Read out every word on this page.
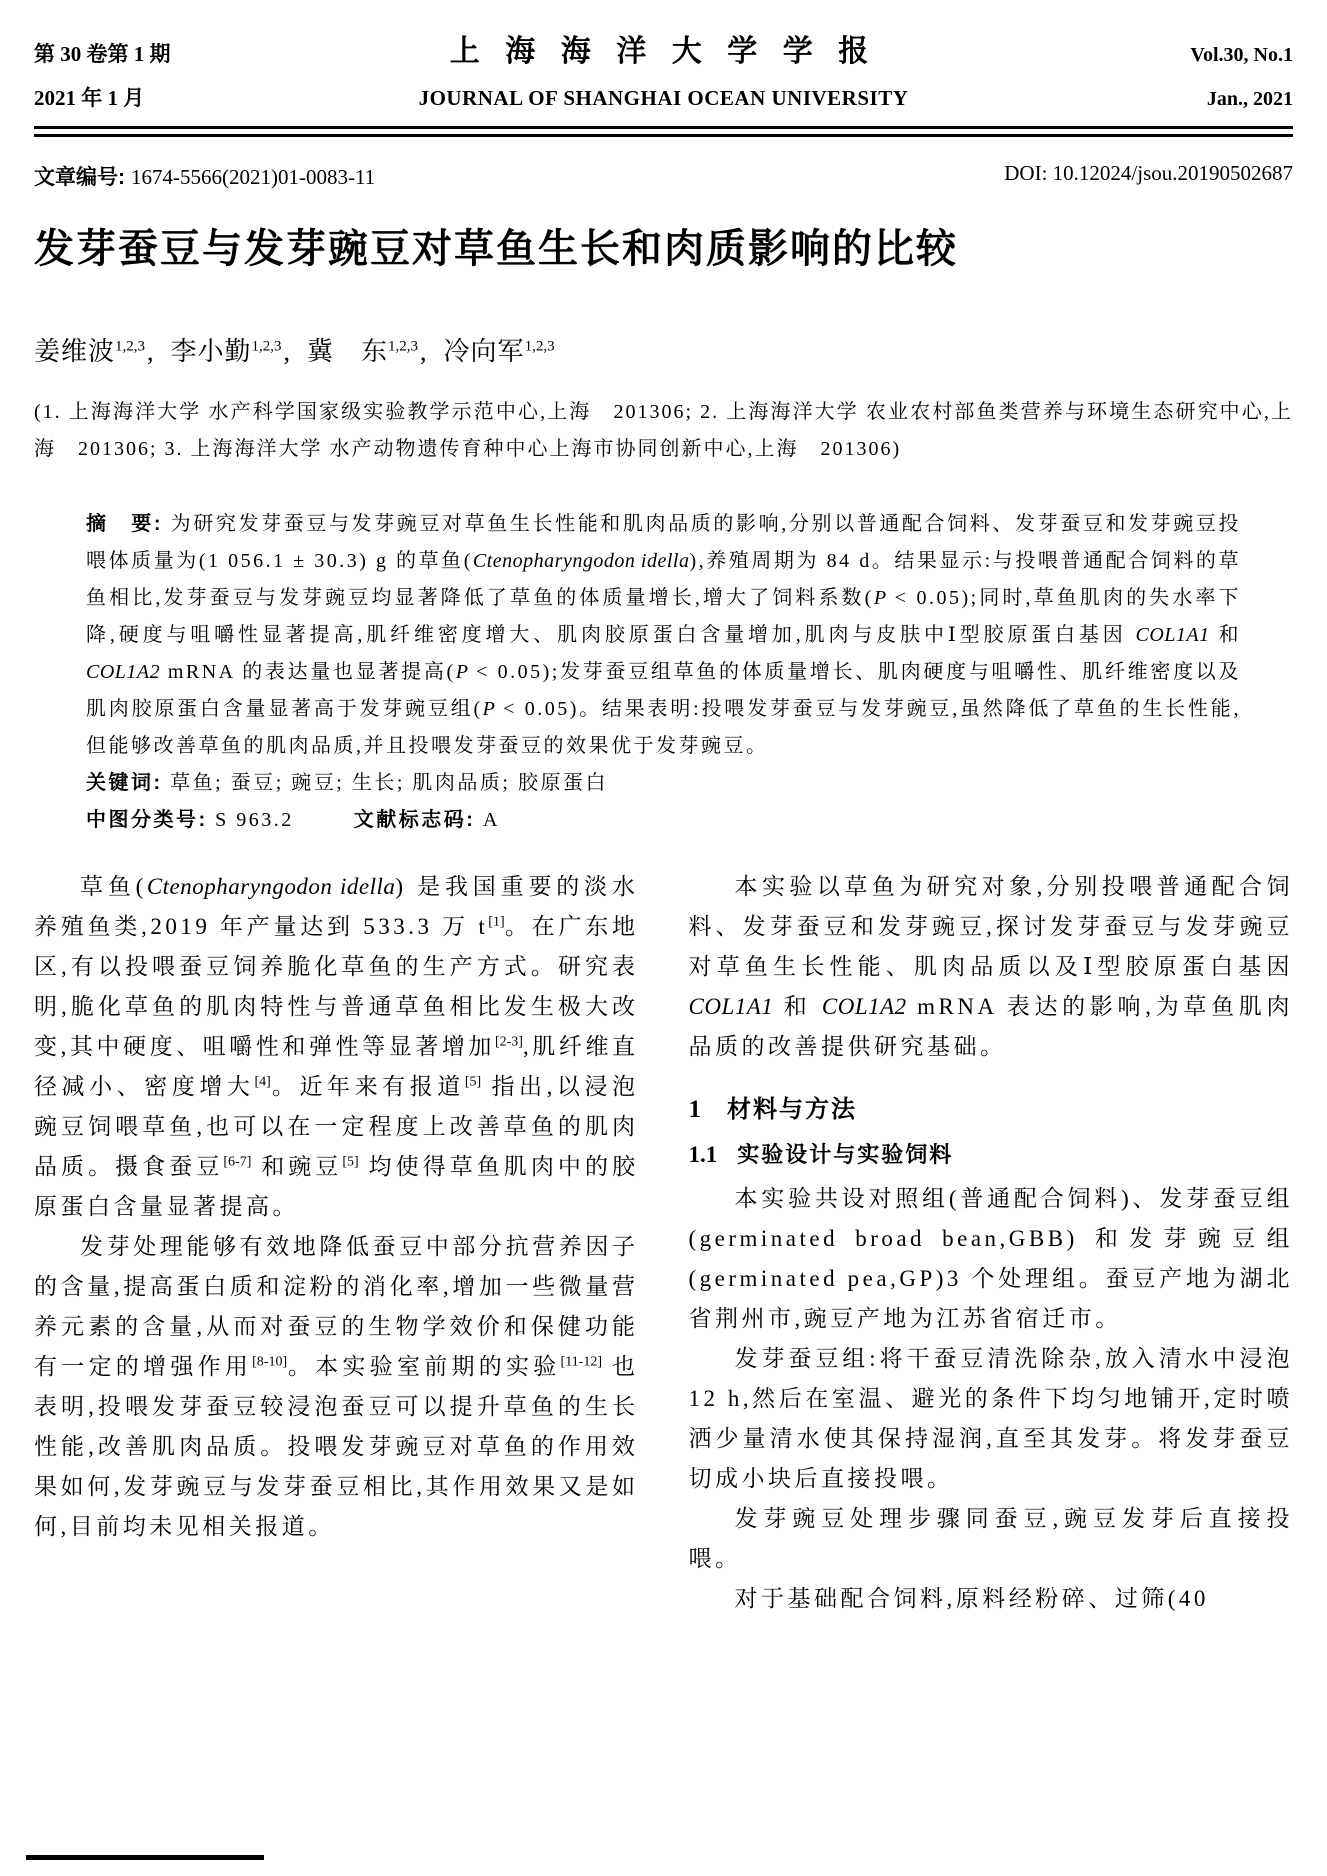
第 30 卷第 1 期	上 海 海 洋 大 学 学 报	Vol.30, No.1
2021 年 1 月	JOURNAL OF SHANGHAI OCEAN UNIVERSITY	Jan., 2021
文章编号: 1674-5566(2021)01-0083-11	DOI: 10.12024/jsou.20190502687
发芽蚕豆与发芽豌豆对草鱼生长和肉质影响的比较
姜维波$^{1,2,3}$, 李小勤$^{1,2,3}$, 冀　东$^{1,2,3}$, 冷向军$^{1,2,3}$
(1. 上海海洋大学 水产科学国家级实验教学示范中心,上海　201306; 2. 上海海洋大学 农业农村部鱼类营养与环境生态研究中心,上海　201306; 3. 上海海洋大学 水产动物遗传育种中心上海市协同创新中心,上海　201306)

摘　要: 为研究发芽蚕豆与发芽豌豆对草鱼生长性能和肌肉品质的影响,分别以普通配合饲料、发芽蚕豆和发芽豌豆投喂体质量为(1 056.1 ± 30.3) g 的草鱼(Ctenopharyngodon idella),养殖周期为 84 d。结果显示:与投喂普通配合饲料的草鱼相比,发芽蚕豆与发芽豌豆均显著降低了草鱼的体质量增长,增大了饲料系数(P < 0.05);同时,草鱼肌肉的失水率下降,硬度与咀嚼性显著提高,肌纤维密度增大、肌肉胶原蛋白含量增加,肌肉与皮肤中Ⅰ型胶原蛋白基因 COL1A1 和 COL1A2 mRNA 的表达量也显著提高(P < 0.05);发芽蚕豆组草鱼的体质量增长、肌肉硬度与咀嚼性、肌纤维密度以及肌肉胶原蛋白含量显著高于发芽豌豆组(P < 0.05)。结果表明:投喂发芽蚕豆与发芽豌豆,虽然降低了草鱼的生长性能,但能够改善草鱼的肌肉品质,并且投喂发芽蚕豆的效果优于发芽豌豆。

关键词: 草鱼; 蚕豆; 豌豆; 生长; 肌肉品质; 胶原蛋白

中图分类号: S 963.2	文献标志码: A

草鱼(Ctenopharyngodon idella) 是我国重要的淡水养殖鱼类,2019 年产量达到 533.3 万 t[1]。在广东地区,有以投喂蚕豆饲养脆化草鱼的生产方式。研究表明,脆化草鱼的肌肉特性与普通草鱼相比发生极大改变,其中硬度、咀嚼性和弹性等显著增加[2-3],肌纤维直径减小、密度增大[4]。近年来有报道[5] 指出,以浸泡豌豆饲喂草鱼,也可以在一定程度上改善草鱼的肌肉品质。摄食蚕豆[6-7] 和豌豆[5] 均使得草鱼肌肉中的胶原蛋白含量显著提高。

发芽处理能够有效地降低蚕豆中部分抗营养因子的含量,提高蛋白质和淀粉的消化率,增加一些微量营养元素的含量,从而对蚕豆的生物学效价和保健功能有一定的增强作用[8-10]。本实验室前期的实验[11-12] 也表明,投喂发芽蚕豆较浸泡蚕豆可以提升草鱼的生长性能,改善肌肉品质。投喂发芽豌豆对草鱼的作用效果如何,发芽豌豆与发芽蚕豆相比,其作用效果又是如何,目前均未见相关报道。

本实验以草鱼为研究对象,分别投喂普通配合饲料、发芽蚕豆和发芽豌豆,探讨发芽蚕豆与发芽豌豆对草鱼生长性能、肌肉品质以及Ⅰ型胶原蛋白基因 COL1A1 和 COL1A2 mRNA 表达的影响,为草鱼肌肉品质的改善提供研究基础。

1 材料与方法
1.1 实验设计与实验饲料

本实验共设对照组(普通配合饲料)、发芽蚕豆组(germinated broad bean,GBB) 和发芽豌豆组(germinated pea,GP)3 个处理组。蚕豆产地为湖北省荆州市,豌豆产地为江苏省宿迁市。

发芽蚕豆组:将干蚕豆清洗除杂,放入清水中浸泡 12 h,然后在室温、避光的条件下均匀地铺开,定时喷洒少量清水使其保持湿润,直至其发芽。将发芽蚕豆切成小块后直接投喂。

发芽豌豆处理步骤同蚕豆,豌豆发芽后直接投喂。

对于基础配合饲料,原料经粉碎、过筛(40
